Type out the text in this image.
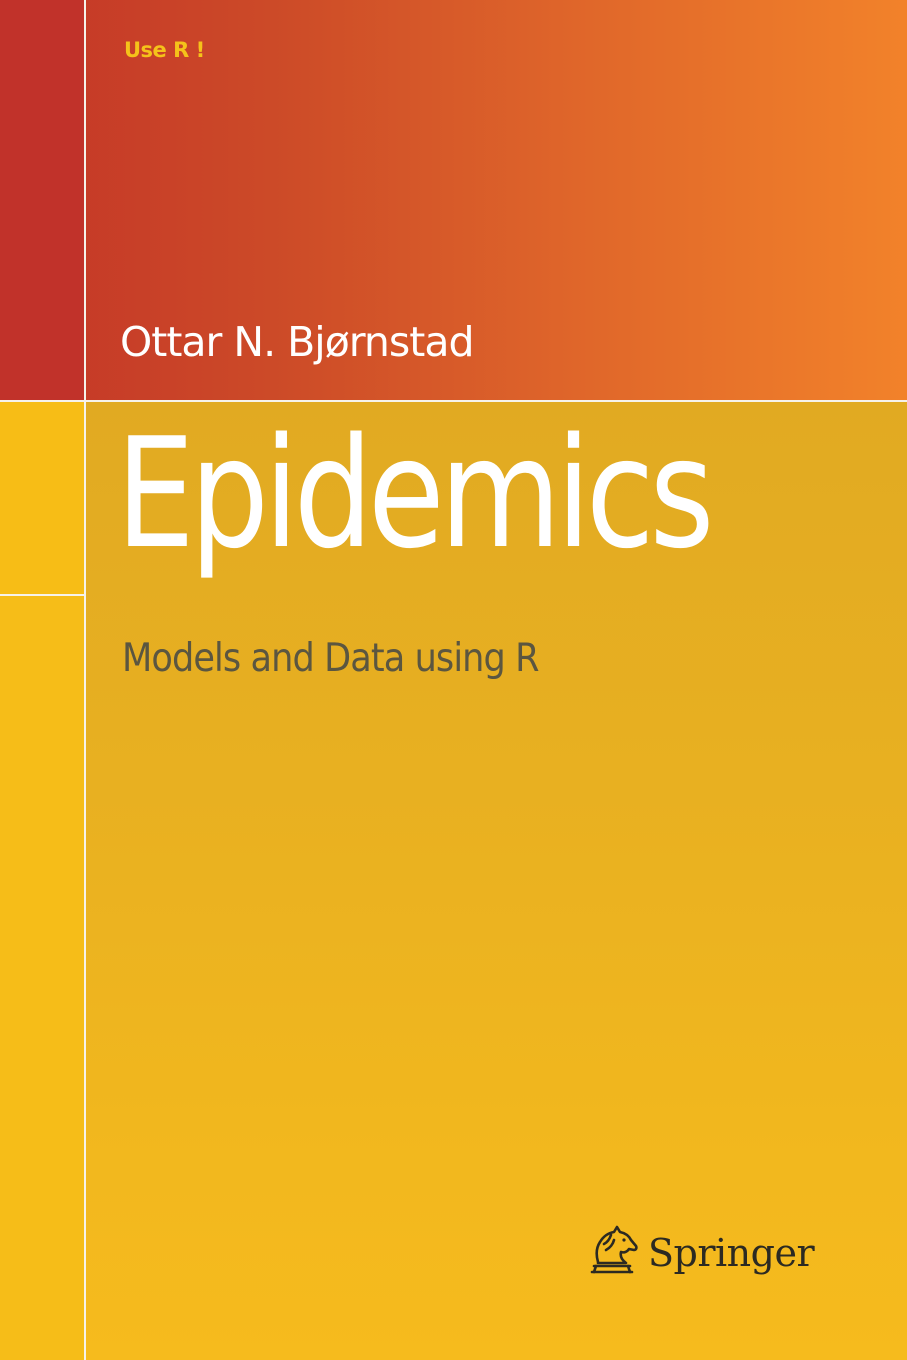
Use R !
Ottar N. Bjørnstad
Epidemics
Models and Data using R
Springer
